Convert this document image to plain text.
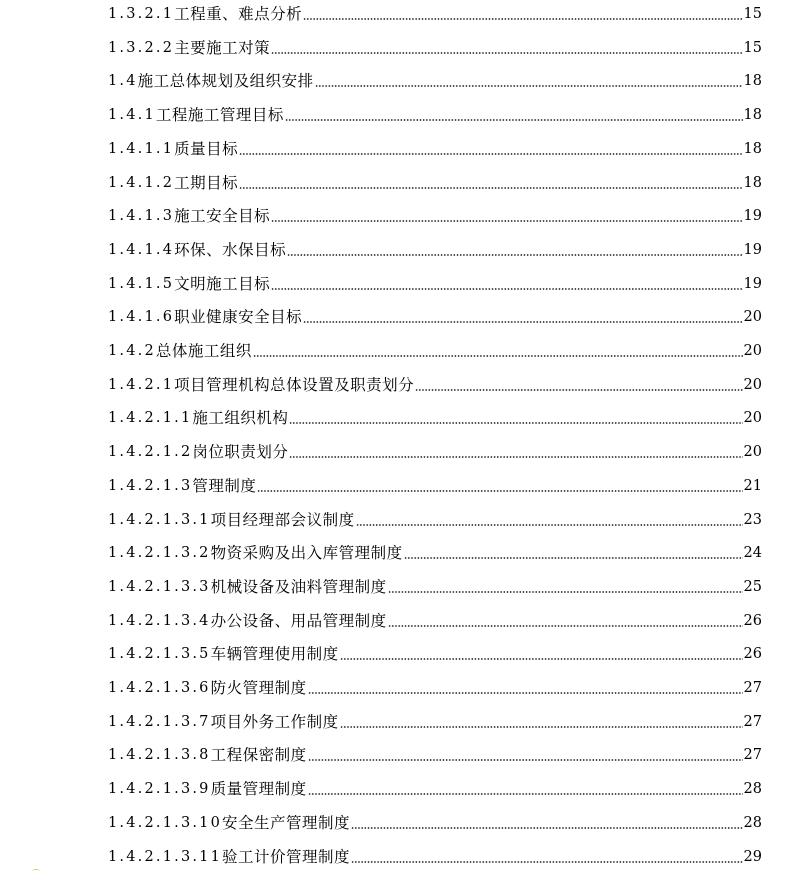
1.3.2.1 工程重、难点分析	15
1.3.2.2 主要施工对策	15
1.4 施工总体规划及组织安排	18
1.4.1 工程施工管理目标	18
1.4.1.1 质量目标	18
1.4.1.2 工期目标	18
1.4.1.3 施工安全目标	19
1.4.1.4 环保、水保目标	19
1.4.1.5 文明施工目标	19
1.4.1.6 职业健康安全目标	20
1.4.2 总体施工组织	20
1.4.2.1 项目管理机构总体设置及职责划分	20
1.4.2.1.1 施工组织机构	20
1.4.2.1.2 岗位职责划分	20
1.4.2.1.3 管理制度	21
1.4.2.1.3.1 项目经理部会议制度	23
1.4.2.1.3.2 物资采购及出入库管理制度	24
1.4.2.1.3.3 机械设备及油料管理制度	25
1.4.2.1.3.4 办公设备、用品管理制度	26
1.4.2.1.3.5 车辆管理使用制度	26
1.4.2.1.3.6 防火管理制度	27
1.4.2.1.3.7 项目外务工作制度	27
1.4.2.1.3.8 工程保密制度	27
1.4.2.1.3.9 质量管理制度	28
1.4.2.1.3.10 安全生产管理制度	28
1.4.2.1.3.11 验工计价管理制度	29
